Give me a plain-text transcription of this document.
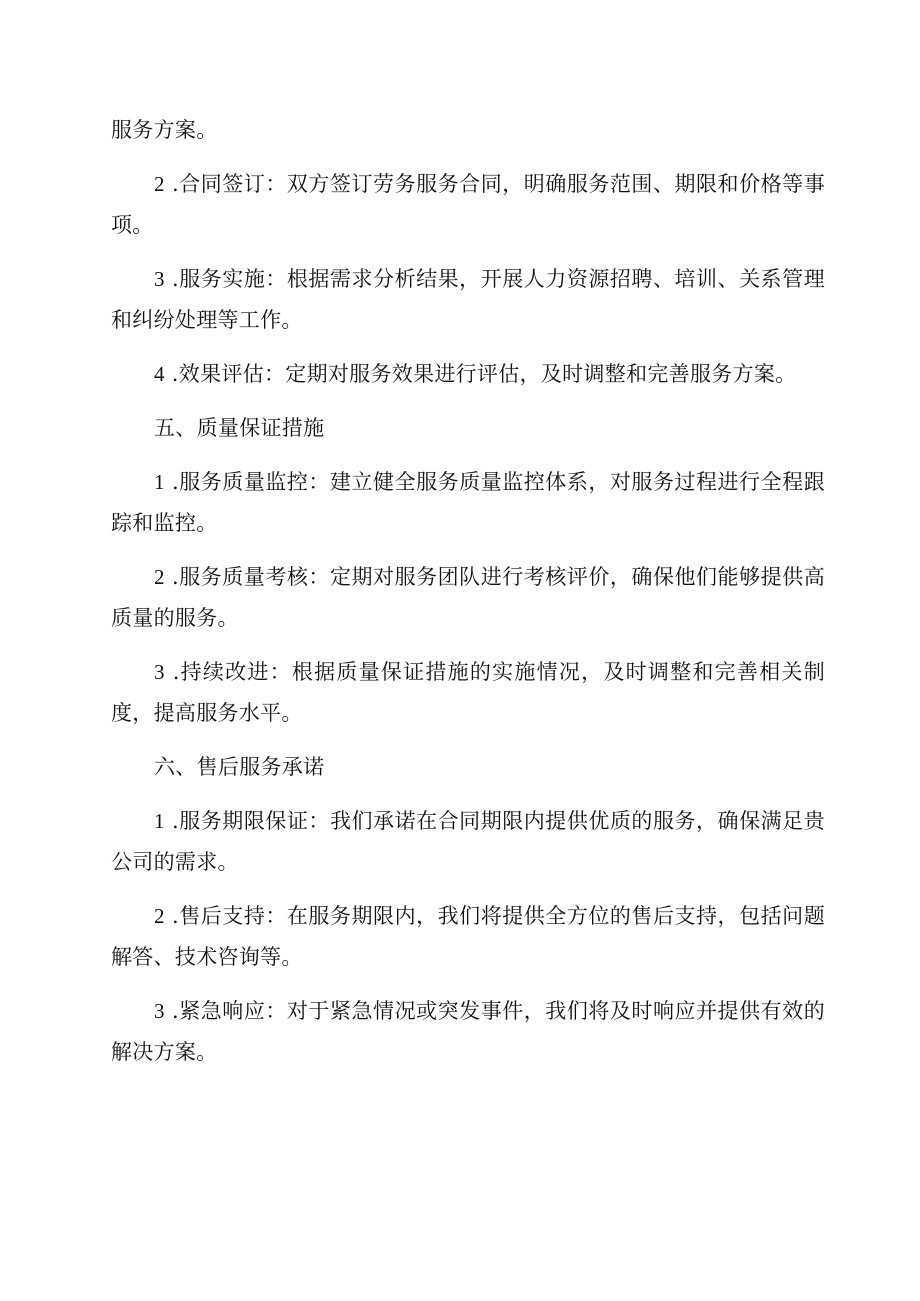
服务方案。

2 .合同签订：双方签订劳务服务合同，明确服务范围、期限和价格等事项。

3 .服务实施：根据需求分析结果，开展人力资源招聘、培训、关系管理和纠纷处理等工作。

4 .效果评估：定期对服务效果进行评估，及时调整和完善服务方案。

五、质量保证措施

1 .服务质量监控：建立健全服务质量监控体系，对服务过程进行全程跟踪和监控。

2 .服务质量考核：定期对服务团队进行考核评价，确保他们能够提供高质量的服务。

3 .持续改进：根据质量保证措施的实施情况，及时调整和完善相关制度，提高服务水平。

六、售后服务承诺

1 .服务期限保证：我们承诺在合同期限内提供优质的服务，确保满足贵公司的需求。

2 .售后支持：在服务期限内，我们将提供全方位的售后支持，包括问题解答、技术咨询等。

3 .紧急响应：对于紧急情况或突发事件，我们将及时响应并提供有效的解决方案。
